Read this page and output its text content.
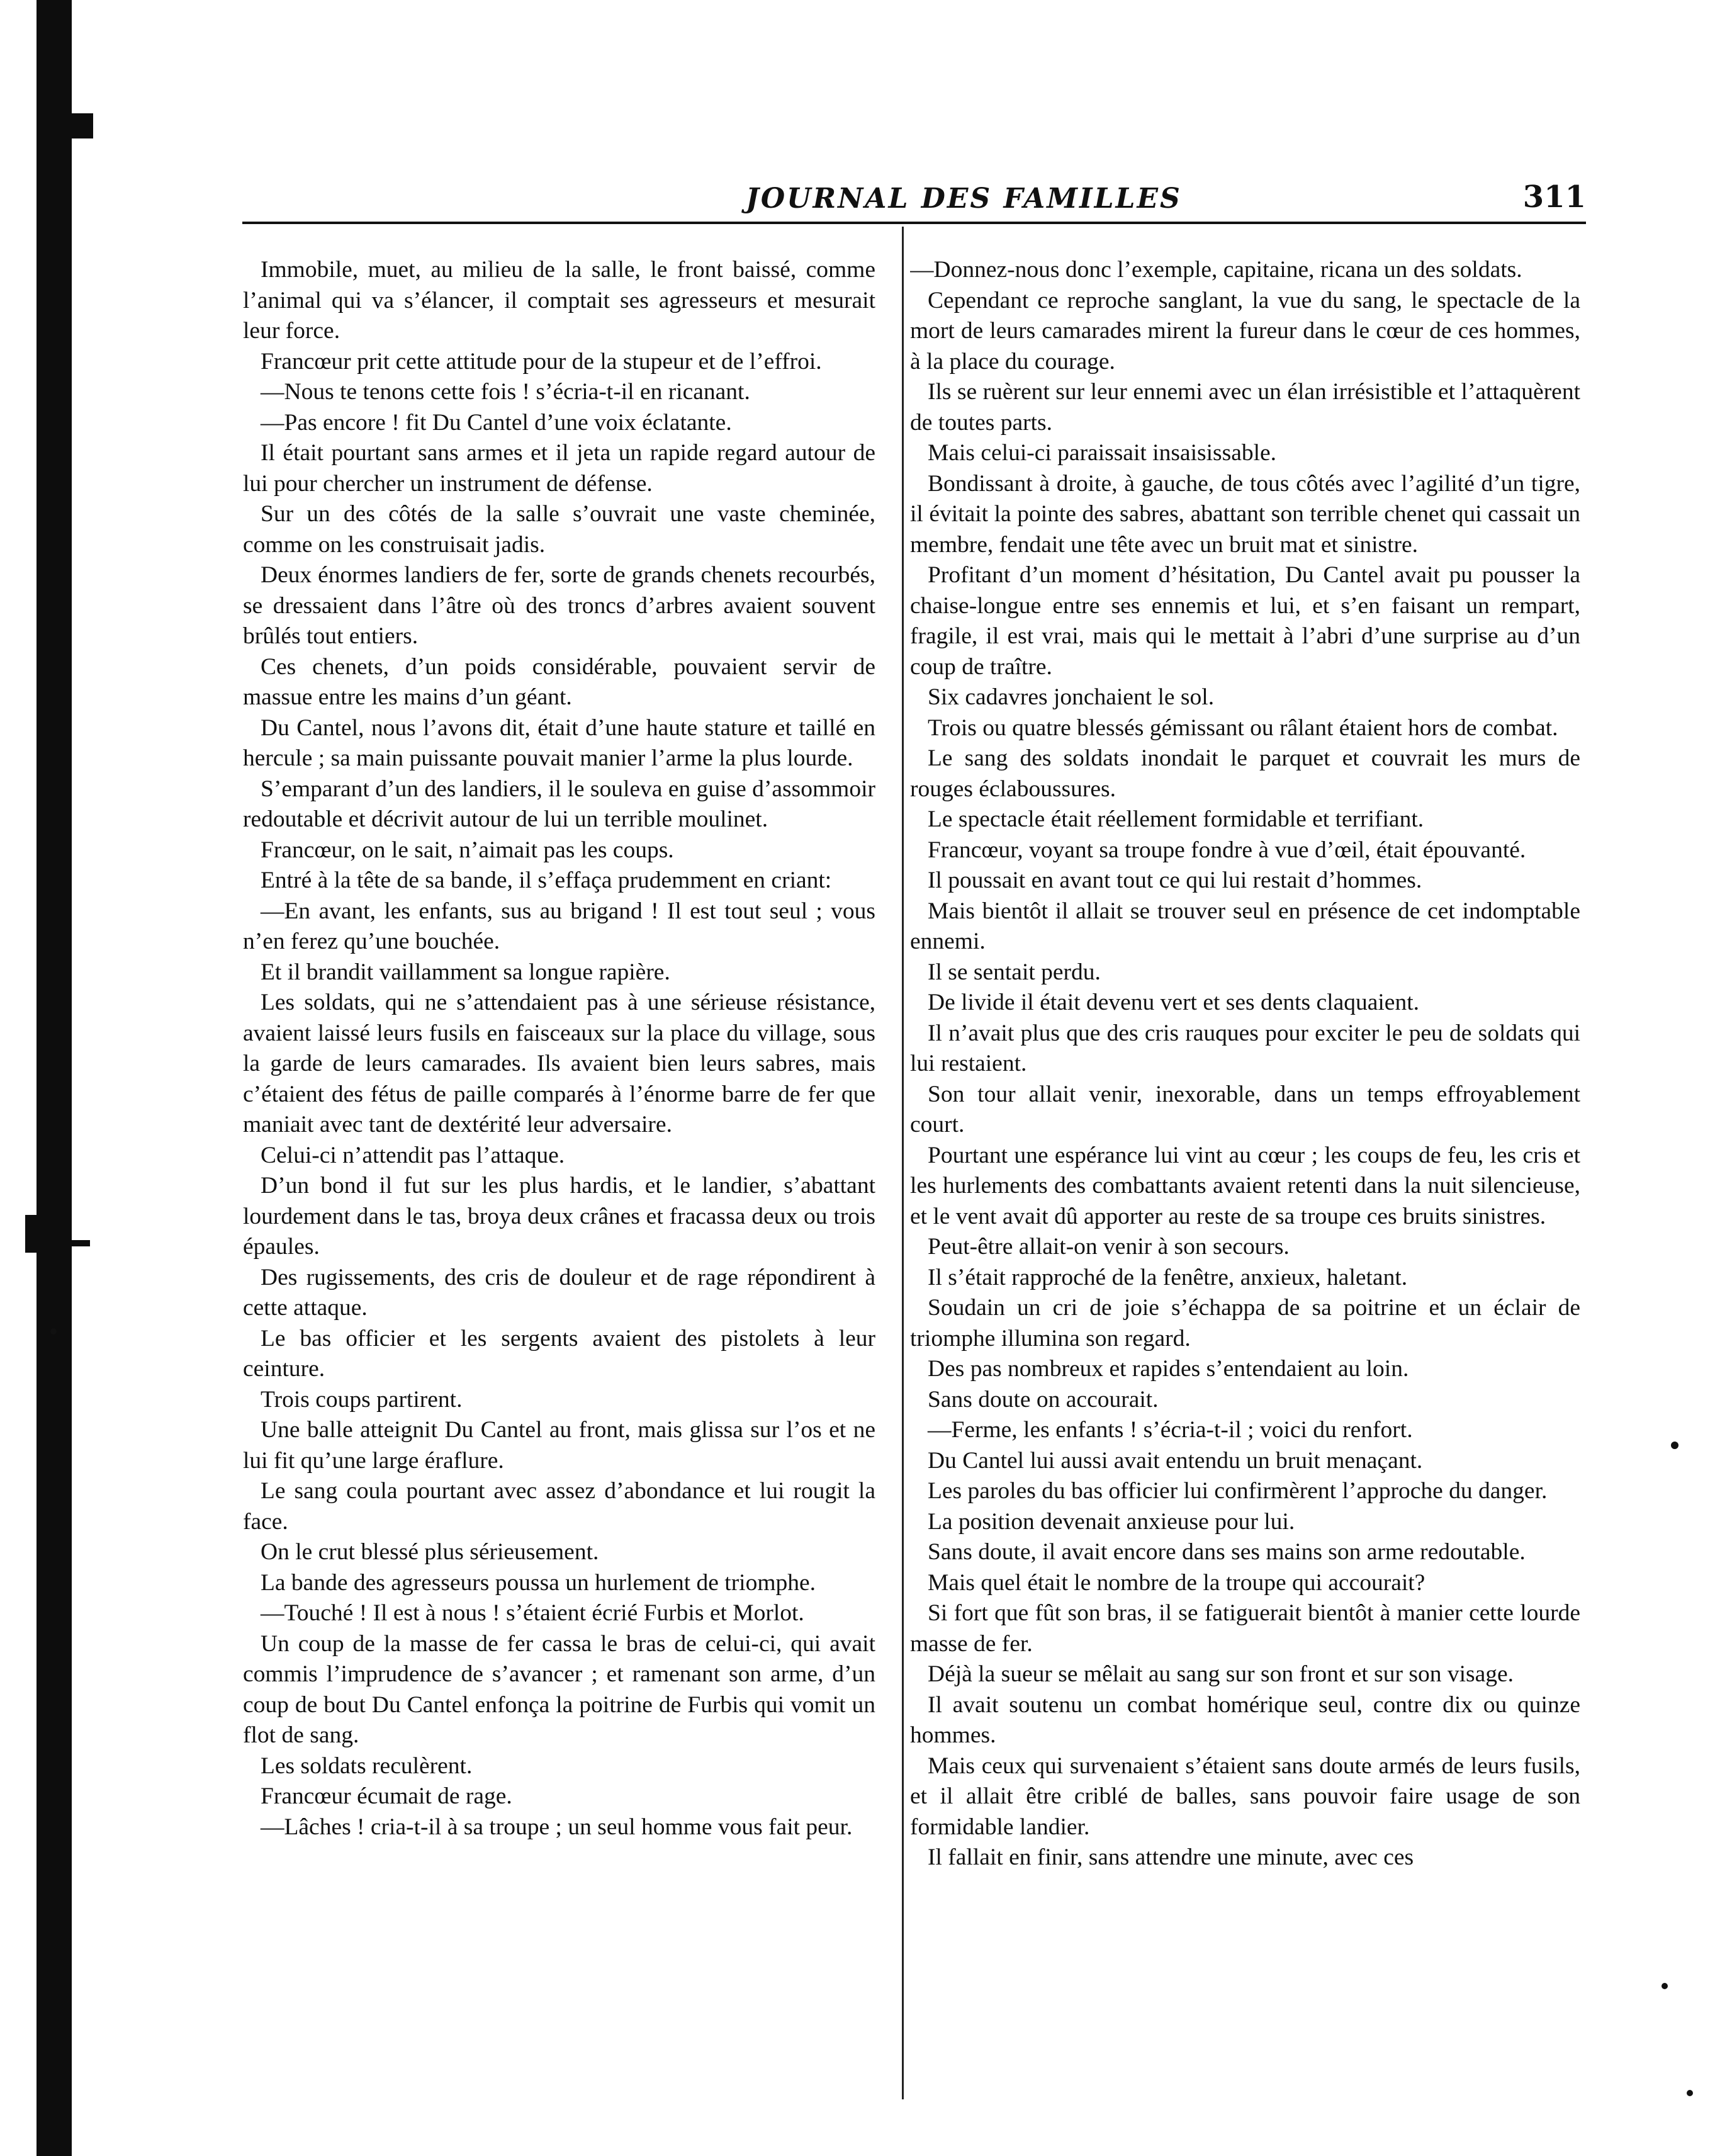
JOURNAL DES FAMILLES	311

Immobile, muet, au milieu de la salle, le front baissé, comme l’animal qui va s’élancer, il comptait ses agresseurs et mesurait leur force.

Francœur prit cette attitude pour de la stupeur et de l’effroi.

—Nous te tenons cette fois ! s’écria-t-il en ricanant.

—Pas encore ! fit Du Cantel d’une voix éclatante.

Il était pourtant sans armes et il jeta un rapide regard autour de lui pour chercher un instrument de défense.

Sur un des côtés de la salle s’ouvrait une vaste cheminée, comme on les construisait jadis.

Deux énormes landiers de fer, sorte de grands chenets recourbés, se dressaient dans l’âtre où des troncs d’arbres avaient souvent brûlés tout entiers.

Ces chenets, d’un poids considérable, pouvaient servir de massue entre les mains d’un géant.

Du Cantel, nous l’avons dit, était d’une haute stature et taillé en hercule ; sa main puissante pouvait manier l’arme la plus lourde.

S’emparant d’un des landiers, il le souleva en guise d’assommoir redoutable et décrivit autour de lui un terrible moulinet.

Francœur, on le sait, n’aimait pas les coups.

Entré à la tête de sa bande, il s’effaça prudemment en criant:

—En avant, les enfants, sus au brigand ! Il est tout seul ; vous n’en ferez qu’une bouchée.

Et il brandit vaillamment sa longue rapière.

Les soldats, qui ne s’attendaient pas à une sérieuse résistance, avaient laissé leurs fusils en faisceaux sur la place du village, sous la garde de leurs camarades. Ils avaient bien leurs sabres, mais c’étaient des fétus de paille comparés à l’énorme barre de fer que maniait avec tant de dextérité leur adversaire.

Celui-ci n’attendit pas l’attaque.

D’un bond il fut sur les plus hardis, et le landier, s’abattant lourdement dans le tas, broya deux crânes et fracassa deux ou trois épaules.

Des rugissements, des cris de douleur et de rage répondirent à cette attaque.

Le bas officier et les sergents avaient des pistolets à leur ceinture.

Trois coups partirent.

Une balle atteignit Du Cantel au front, mais glissa sur l’os et ne lui fit qu’une large éraflure.

Le sang coula pourtant avec assez d’abondance et lui rougit la face.

On le crut blessé plus sérieusement.

La bande des agresseurs poussa un hurlement de triomphe.

—Touché ! Il est à nous ! s’étaient écrié Furbis et Morlot.

Un coup de la masse de fer cassa le bras de celui-ci, qui avait commis l’imprudence de s’avancer ; et ramenant son arme, d’un coup de bout Du Cantel enfonça la poitrine de Furbis qui vomit un flot de sang.

Les soldats reculèrent.

Francœur écumait de rage.

—Lâches ! cria-t-il à sa troupe ; un seul homme vous fait peur.

—Donnez-nous donc l’exemple, capitaine, ricana un des soldats.

Cependant ce reproche sanglant, la vue du sang, le spectacle de la mort de leurs camarades mirent la fureur dans le cœur de ces hommes, à la place du courage.

Ils se ruèrent sur leur ennemi avec un élan irrésistible et l’attaquèrent de toutes parts.

Mais celui-ci paraissait insaisissable.

Bondissant à droite, à gauche, de tous côtés avec l’agilité d’un tigre, il évitait la pointe des sabres, abattant son terrible chenet qui cassait un membre, fendait une tête avec un bruit mat et sinistre.

Profitant d’un moment d’hésitation, Du Cantel avait pu pousser la chaise-longue entre ses ennemis et lui, et s’en faisant un rempart, fragile, il est vrai, mais qui le mettait à l’abri d’une surprise au d’un coup de traître.

Six cadavres jonchaient le sol.

Trois ou quatre blessés gémissant ou râlant étaient hors de combat.

Le sang des soldats inondait le parquet et couvrait les murs de rouges éclaboussures.

Le spectacle était réellement formidable et terrifiant.

Francœur, voyant sa troupe fondre à vue d’œil, était épouvanté.

Il poussait en avant tout ce qui lui restait d’hommes.

Mais bientôt il allait se trouver seul en présence de cet indomptable ennemi.

Il se sentait perdu.

De livide il était devenu vert et ses dents claquaient.

Il n’avait plus que des cris rauques pour exciter le peu de soldats qui lui restaient.

Son tour allait venir, inexorable, dans un temps effroyablement court.

Pourtant une espérance lui vint au cœur ; les coups de feu, les cris et les hurlements des combattants avaient retenti dans la nuit silencieuse, et le vent avait dû apporter au reste de sa troupe ces bruits sinistres.

Peut-être allait-on venir à son secours.

Il s’était rapproché de la fenêtre, anxieux, haletant.

Soudain un cri de joie s’échappa de sa poitrine et un éclair de triomphe illumina son regard.

Des pas nombreux et rapides s’entendaient au loin.

Sans doute on accourait.

—Ferme, les enfants ! s’écria-t-il ; voici du renfort.

Du Cantel lui aussi avait entendu un bruit menaçant.

Les paroles du bas officier lui confirmèrent l’approche du danger.

La position devenait anxieuse pour lui.

Sans doute, il avait encore dans ses mains son arme redoutable.

Mais quel était le nombre de la troupe qui accourait?

Si fort que fût son bras, il se fatiguerait bientôt à manier cette lourde masse de fer.

Déjà la sueur se mêlait au sang sur son front et sur son visage.

Il avait soutenu un combat homérique seul, contre dix ou quinze hommes.

Mais ceux qui survenaient s’étaient sans doute armés de leurs fusils, et il allait être criblé de balles, sans pouvoir faire usage de son formidable landier.

Il fallait en finir, sans attendre une minute, avec ces
